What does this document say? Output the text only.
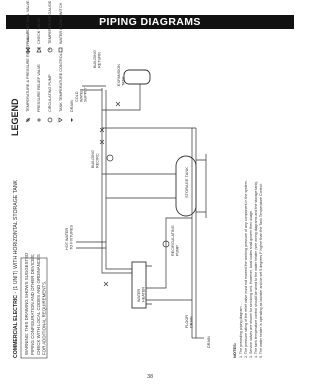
PIPING DIAGRAMS
COMMERCIAL ELECTRIC - (1 UNIT) WITH HORIZONTAL STORAGE TANK
WARNING: THIS DRAWING SHOWS SUGGESTED PIPING CONFIGURATION AND OTHER DEVICES; CHECK WITH LOCAL CODES AND ORDINANCES FOR ADDITIONAL REQUIREMENTS.
LEGEND
TEMPERATURE & PRESSURE RELIEF VALVE PRESSURE RELIEF VALVE CIRCULATING PUMP TANK TEMPERATURE CONTROL DRAIN
FULL PORT BALL VALVE CHECK VALVE TEMPERATURE GAUGE WATER FLOW SWITCH
HOT WATERTO FIXTURES
STORAGE TANK
BUILDINGRECIRC
EXPANSIONTANK
COLDWATERSUPPLY
BUILDINGRETURN
WATERHEATER
DRAIN
RECIRCULATINGPUMP
FLOORDRAIN
NOTES: 1. The preceding piping diagram ... 2. The pressure rating of the relief valve must not exceed the working pressure of any component in the system. 3. Service valves are shown for servicing unit. However, local codes shall govern their usage. 4. The tank temperature control should be wired to the water heater (see wiring diagrams and the storage tank). 5. The water heater is operating as booster and be set 5 degrees F higher than the Tank Temperature Control.
38
